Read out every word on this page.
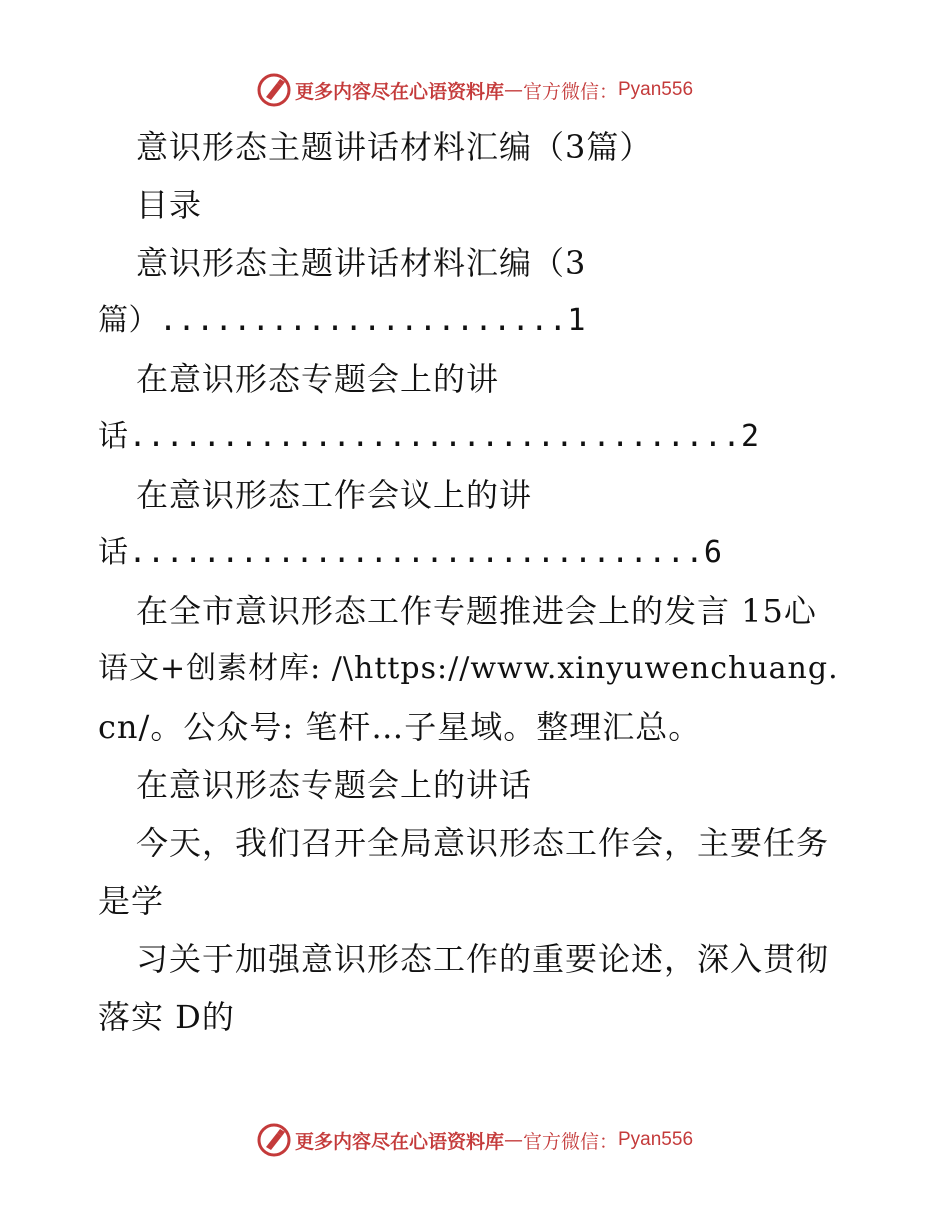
更多内容尽在心语资料库 — 官方微信： Pyan556
意识形态主题讲话材料汇编（3篇）
目录
意识形态主题讲话材料汇编（3
篇）......................1
在意识形态专题会上的讲
话.................................2
在意识形态工作会议上的讲
话...............................6
在全市意识形态工作专题推进会上的发言 15心
语文+创素材库: /\https://www.xinyuwenchuang.
cn/。公众号: 笔杆…子星域。整理汇总。
在意识形态专题会上的讲话
今天，我们召开全局意识形态工作会，主要任务
是学
习关于加强意识形态工作的重要论述，深入贯彻
落实 D的
更多内容尽在心语资料库 — 官方微信： Pyan556
